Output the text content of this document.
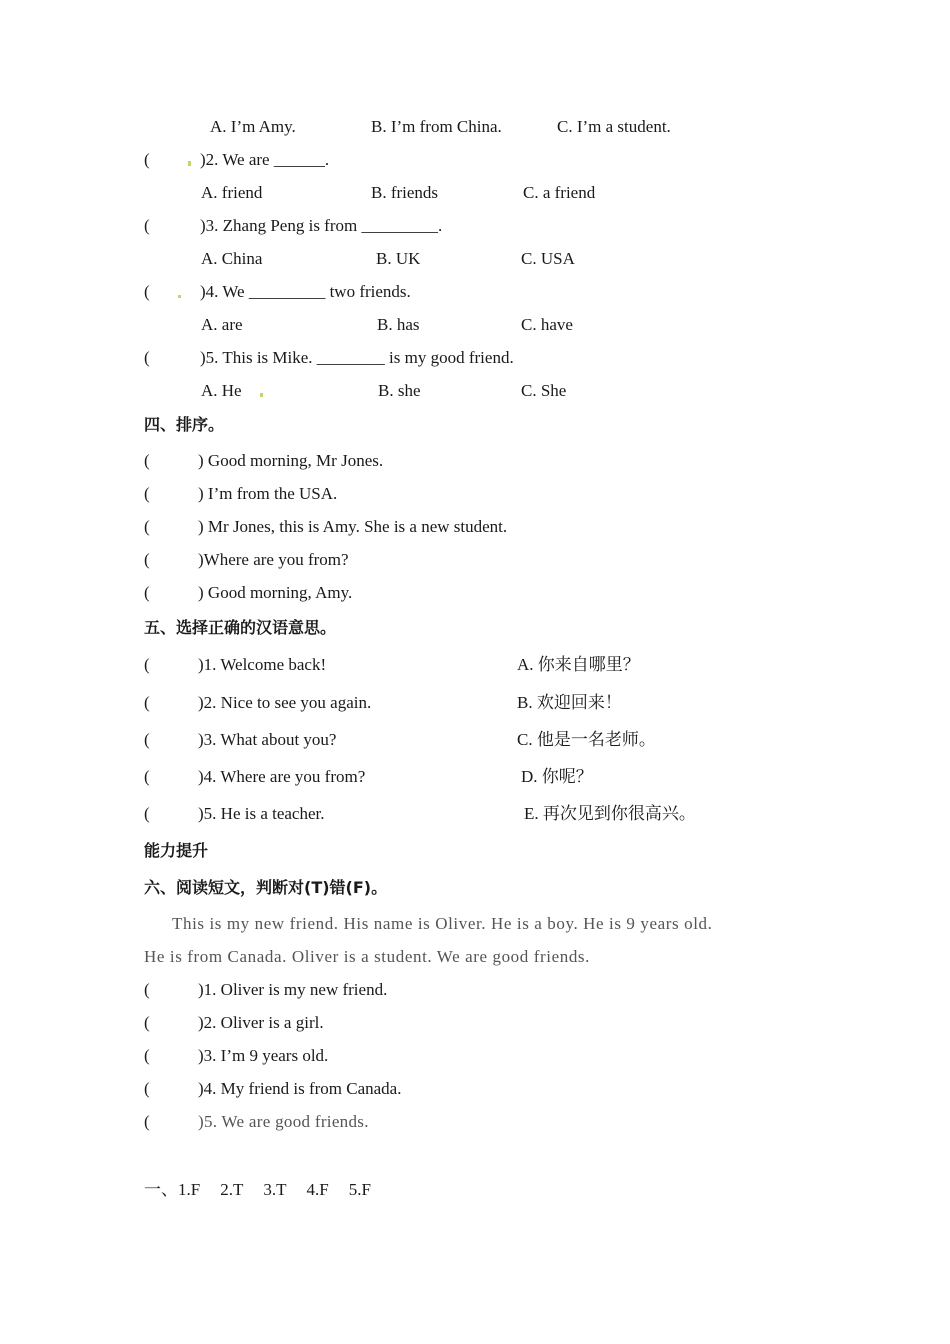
A. I’m Amy.	B. I’m from China.	C. I’m a student.
(	)2. We are ______.
A. friend	B. friends	C. a friend
(	)3. Zhang Peng is from _________.
A. China	B. UK	C. USA
(	)4. We _________ two friends.
A. are	B. has	C. have
(	)5. This is Mike. ________ is my good friend.
A. He	B. she	C. She
四、排序。
(	) Good morning, Mr Jones.
(	) I’m from the USA.
(	) Mr Jones, this is Amy. She is a new student.
(	)Where are you from?
(	) Good morning, Amy.
五、选择正确的汉语意思。
(	)1. Welcome back!	A. 你来自哪里？
(	)2. Nice to see you again.	B. 欢迎回来！
(	)3. What about you?	C. 他是一名老师。
(	)4. Where are you from?	D. 你呢？
(	)5. He is a teacher.	E. 再次见到你很高兴。
能力提升
六、阅读短文，判断对(T)错(F)。
This is my new friend. His name is Oliver. He is a boy. He is 9 years old.
He is from Canada. Oliver is a student. We are good friends.
(	)1. Oliver is my new friend.
(	)2. Oliver is a girl.
(	)3. I’m 9 years old.
(	)4. My friend is from Canada.
(	)5. We are good friends.
一、1.F 2.T 3.T 4.F 5.F
